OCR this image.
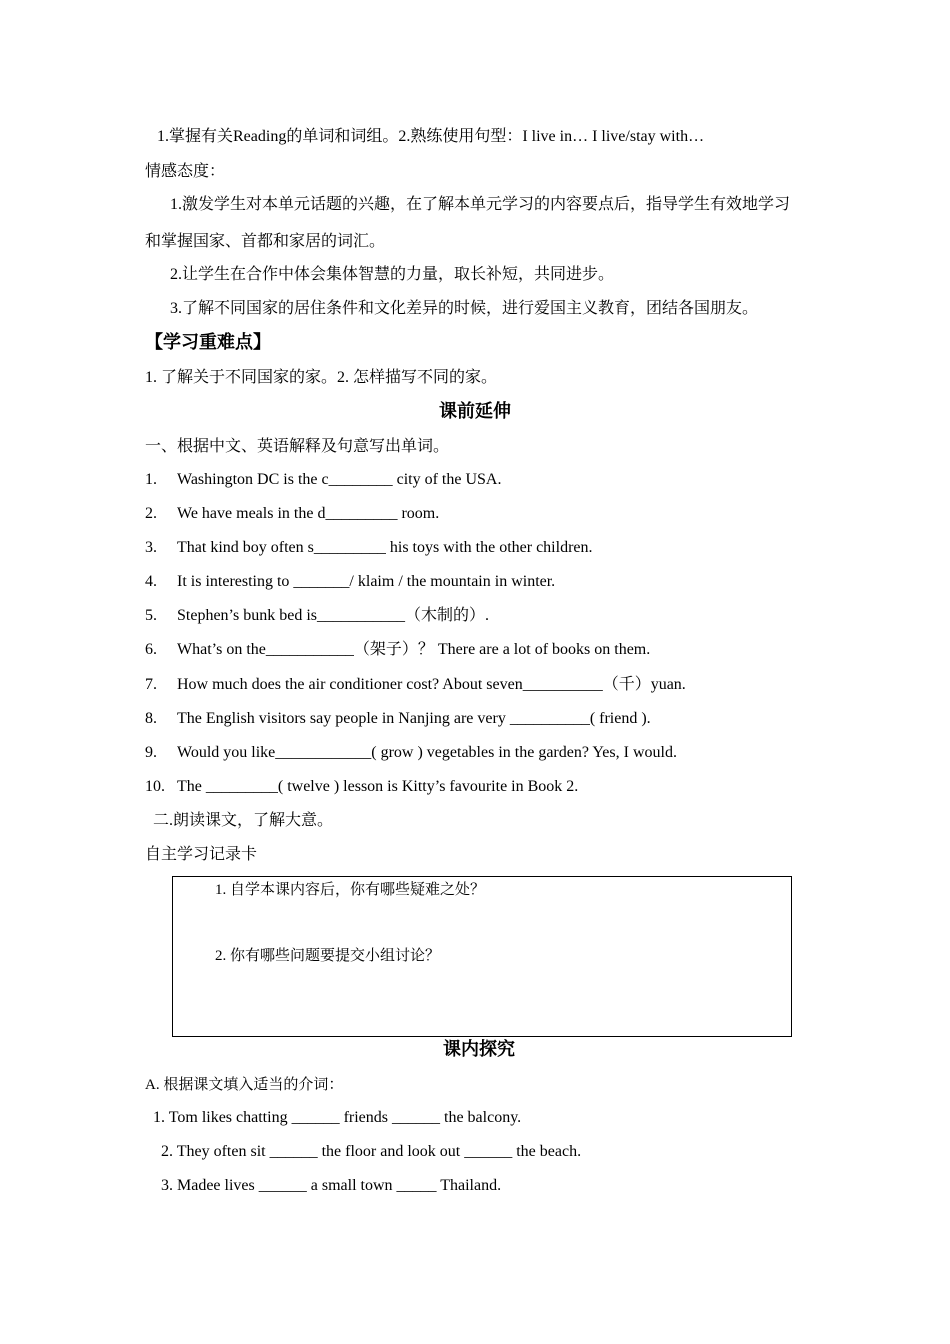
1.掌握有关Reading的单词和词组。2.熟练使用句型：I live in… I live/stay with…
情感态度：
1.激发学生对本单元话题的兴趣，在了解本单元学习的内容要点后，指导学生有效地学习
和掌握国家、首都和家居的词汇。
2.让学生在合作中体会集体智慧的力量，取长补短，共同进步。
3.了解不同国家的居住条件和文化差异的时候，进行爱国主义教育，团结各国朋友。
【学习重难点】
1. 了解关于不同国家的家。2. 怎样描写不同的家。
课前延伸
一、根据中文、英语解释及句意写出单词。
1. Washington DC is the c________ city of the USA.
2. We have meals in the d_________ room.
3. That kind boy often s_________ his toys with the other children.
4. It is interesting to _______/ klaim / the mountain in winter.
5. Stephen’s bunk bed is___________（木制的）.
6. What’s on the___________（架子）？ There are a lot of books on them.
7. How much does the air conditioner cost? About seven__________（千）yuan.
8. The English visitors say people in Nanjing are very __________( friend ).
9. Would you like____________( grow ) vegetables in the garden? Yes, I would.
10. The _________( twelve ) lesson is Kitty’s favourite in Book 2.
二.朗读课文，了解大意。
自主学习记录卡
1. 自学本课内容后，你有哪些疑难之处？
2. 你有哪些问题要提交小组讨论？
课内探究
A. 根据课文填入适当的介词：
1. Tom likes chatting ______ friends ______ the balcony.
2. They often sit ______ the floor and look out ______ the beach.
3. Madee lives ______ a small town _____ Thailand.
